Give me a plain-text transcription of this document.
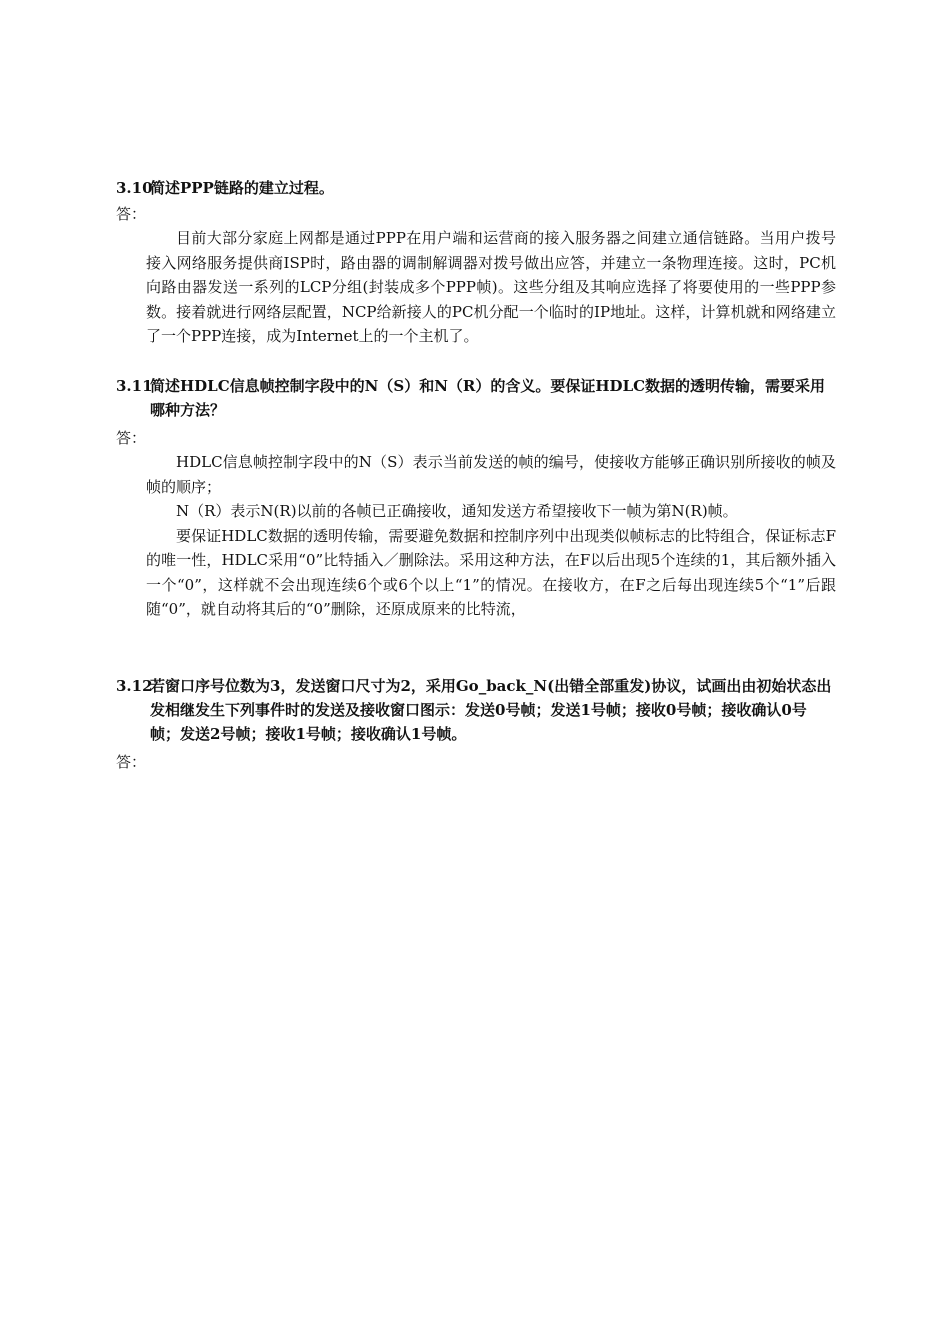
3.10
简述PPP链路的建立过程。
答：

目前大部分家庭上网都是通过PPP在用户端和运营商的接入服务器之间建立通信链路。当用户拨号接入网络服务提供商ISP时，路由器的调制解调器对拨号做出应答，并建立一条物理连接。这时，PC机向路由器发送一系列的LCP分组(封装成多个PPP帧)。这些分组及其响应选择了将要使用的一些PPP参数。接着就进行网络层配置，NCP给新接人的PC机分配一个临时的IP地址。这样，计算机就和网络建立了一个PPP连接，成为Internet上的一个主机了。

3.11
简述HDLC信息帧控制字段中的N（S）和N（R）的含义。要保证HDLC数据的透明传输，需要采用哪种方法？
答：

HDLC信息帧控制字段中的N（S）表示当前发送的帧的编号，使接收方能够正确识别所接收的帧及帧的顺序；

N（R）表示N(R)以前的各帧已正确接收，通知发送方希望接收下一帧为第N(R)帧。

要保证HDLC数据的透明传输，需要避免数据和控制序列中出现类似帧标志的比特组合，保证标志F的唯一性，HDLC采用“0”比特插入／删除法。采用这种方法，在F以后出现5个连续的1，其后额外插入一个“0”，这样就不会出现连续6个或6个以上“1”的情况。在接收方，在F之后每出现连续5个“1”后跟随“0”，就自动将其后的“0”删除，还原成原来的比特流，

3.12
若窗口序号位数为3，发送窗口尺寸为2，采用Go_back_N(出错全部重发)协议，试画出由初始状态出发相继发生下列事件时的发送及接收窗口图示：发送0号帧；发送1号帧；接收0号帧；接收确认0号帧；发送2号帧；接收1号帧；接收确认1号帧。
答：
